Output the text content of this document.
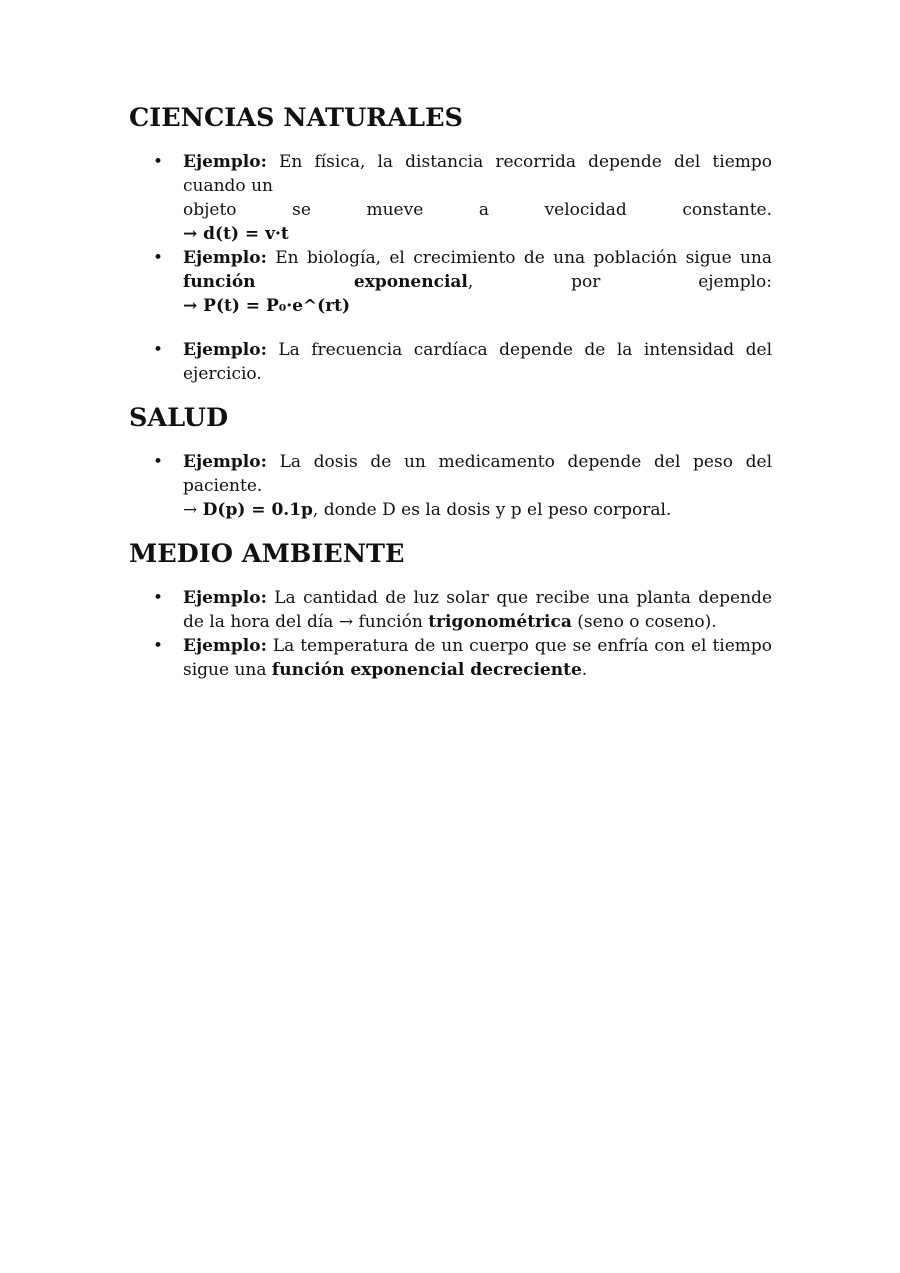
CIENCIAS NATURALES
• Ejemplo: En física, la distancia recorrida depende del tiempo cuando un
objeto se mueve a velocidad constante.
→ d(t) = v·t
• Ejemplo: En biología, el crecimiento de una población sigue una
función exponencial, por ejemplo:
→ P(t) = P₀·e^(rt)
• Ejemplo: La frecuencia cardíaca depende de la intensidad del ejercicio.
SALUD
• Ejemplo: La dosis de un medicamento depende del peso del paciente.
→ D(p) = 0.1p, donde D es la dosis y p el peso corporal.
MEDIO AMBIENTE
• Ejemplo: La cantidad de luz solar que recibe una planta depende de la hora del día → función trigonométrica (seno o coseno).
• Ejemplo: La temperatura de un cuerpo que se enfría con el tiempo sigue una función exponencial decreciente.
